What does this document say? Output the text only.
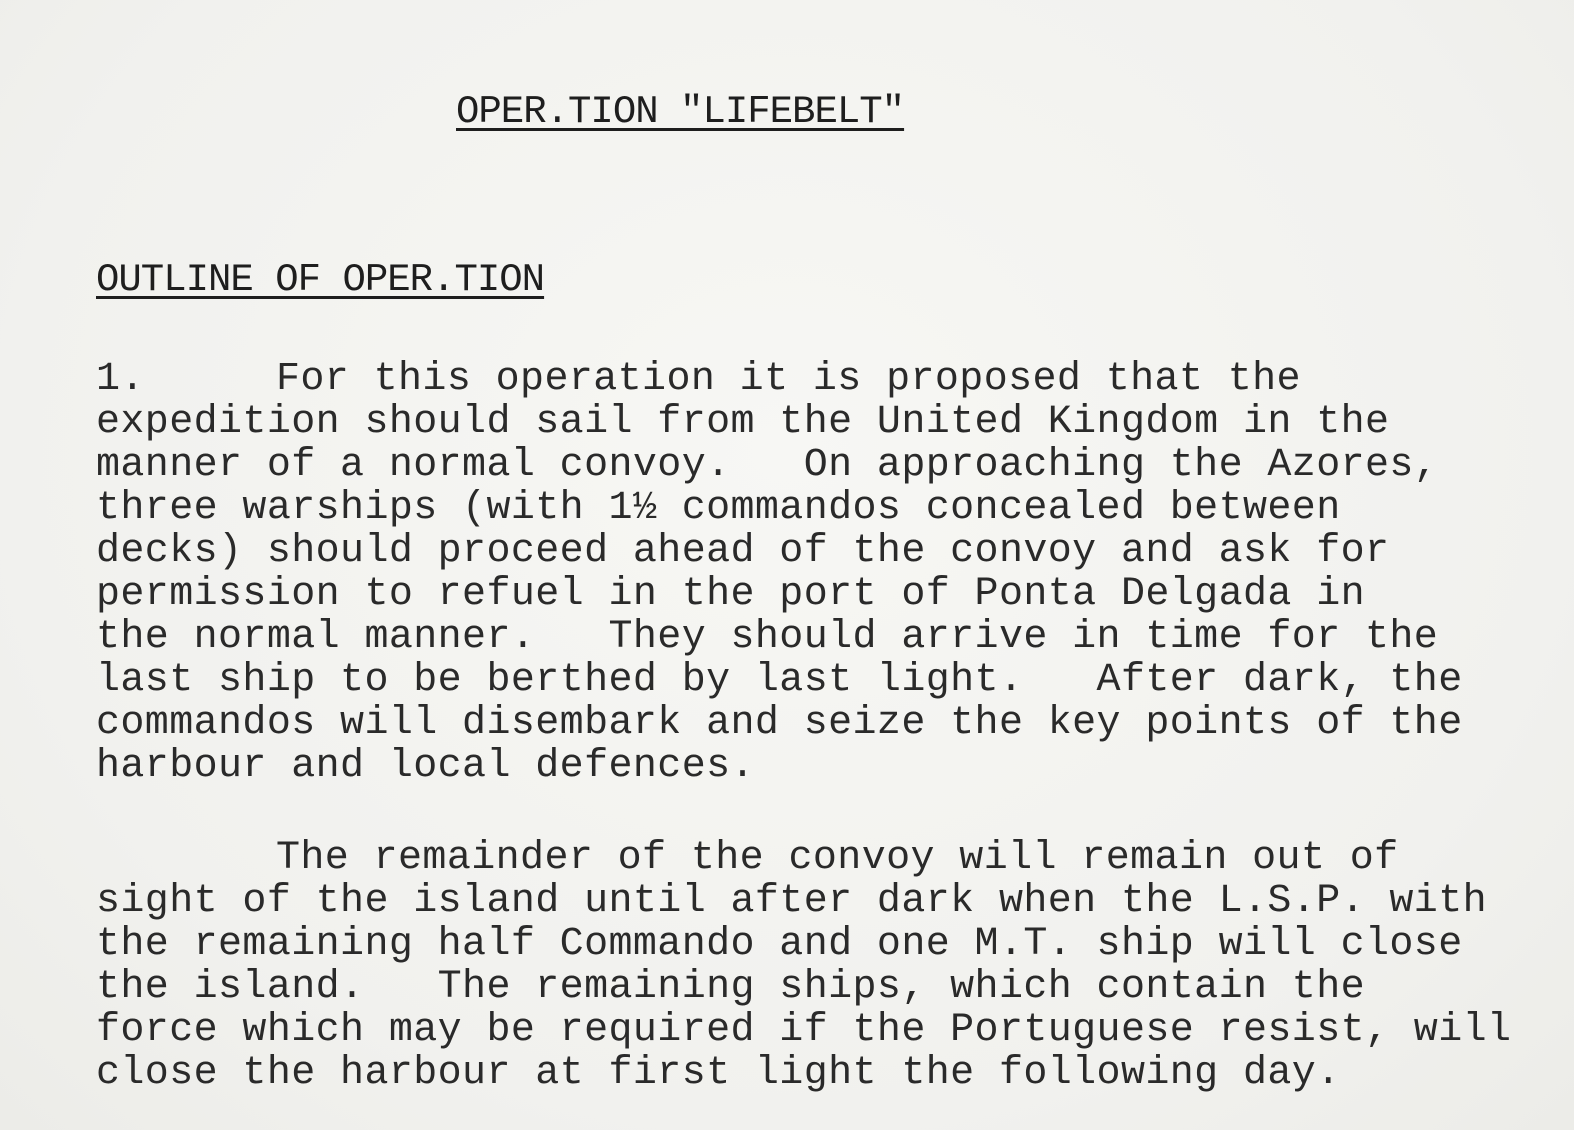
OPER.TION "LIFEBELT"
OUTLINE OF OPER.TION
1.	For this operation it is proposed that the
expedition should sail from the United Kingdom in the
manner of a normal convoy.   On approaching the Azores,
three warships (with 1½ commandos concealed between
decks) should proceed ahead of the convoy and ask for
permission to refuel in the port of Ponta Delgada in
the normal manner.   They should arrive in time for the
last ship to be berthed by last light.   After dark, the
commandos will disembark and seize the key points of the
harbour and local defences.
The remainder of the convoy will remain out of
sight of the island until after dark when the L.S.P. with
the remaining half Commando and one M.T. ship will close
the island.   The remaining ships, which contain the
force which may be required if the Portuguese resist, will
close the harbour at first light the following day.
